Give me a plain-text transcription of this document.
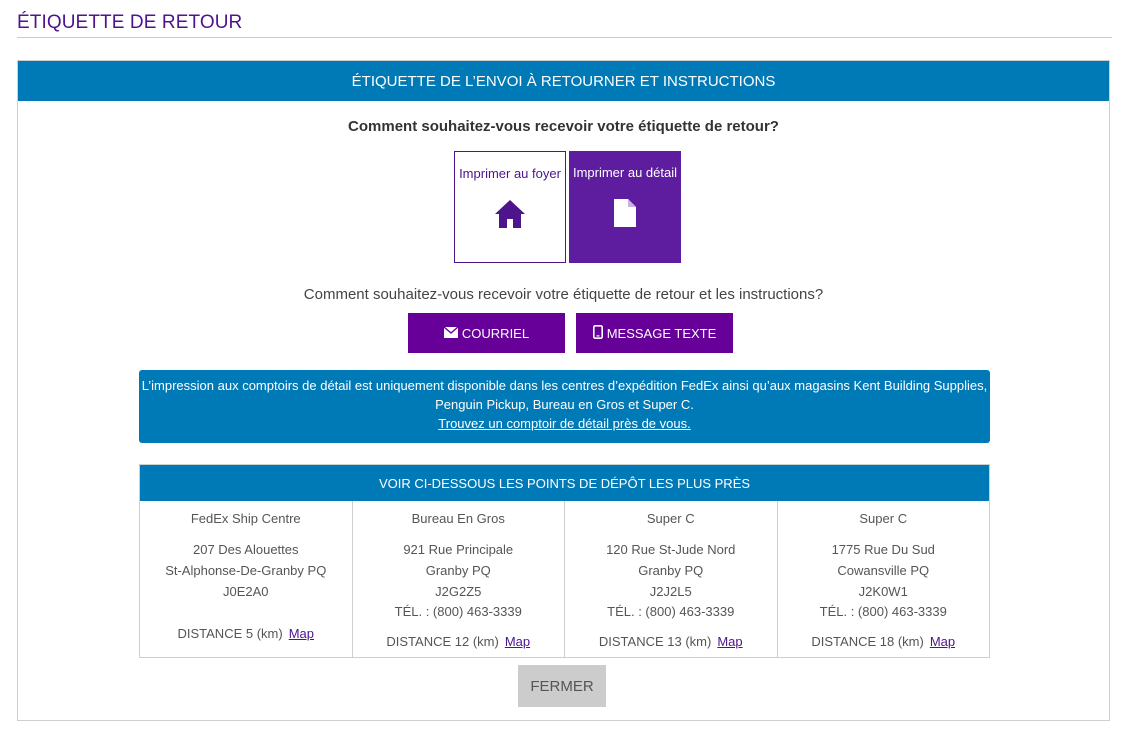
ÉTIQUETTE DE RETOUR
ÉTIQUETTE DE L’ENVOI À RETOURNER ET INSTRUCTIONS
Comment souhaitez-vous recevoir votre étiquette de retour?
Imprimer au foyer Imprimer au détail
Comment souhaitez-vous recevoir votre étiquette de retour et les instructions?
COURRIEL	MESSAGE TEXTE
L’impression aux comptoirs de détail est uniquement disponible dans les centres d’expédition FedEx ainsi qu’aux magasins Kent Building Supplies,
Penguin Pickup, Bureau en Gros et Super C.
Trouvez un comptoir de détail près de vous.
VOIR CI-DESSOUS LES POINTS DE DÉPÔT LES PLUS PRÈS
FedEx Ship Centre
207 Des Alouettes
St-Alphonse-De-Granby PQ
J0E2A0
DISTANCE 5 (km) Map
Bureau En Gros
921 Rue Principale
Granby PQ
J2G2Z5
TÉL. : (800) 463-3339
DISTANCE 12 (km) Map
Super C
120 Rue St-Jude Nord
Granby PQ
J2J2L5
TÉL. : (800) 463-3339
DISTANCE 13 (km) Map
Super C
1775 Rue Du Sud
Cowansville PQ
J2K0W1
TÉL. : (800) 463-3339
DISTANCE 18 (km) Map
FERMER
